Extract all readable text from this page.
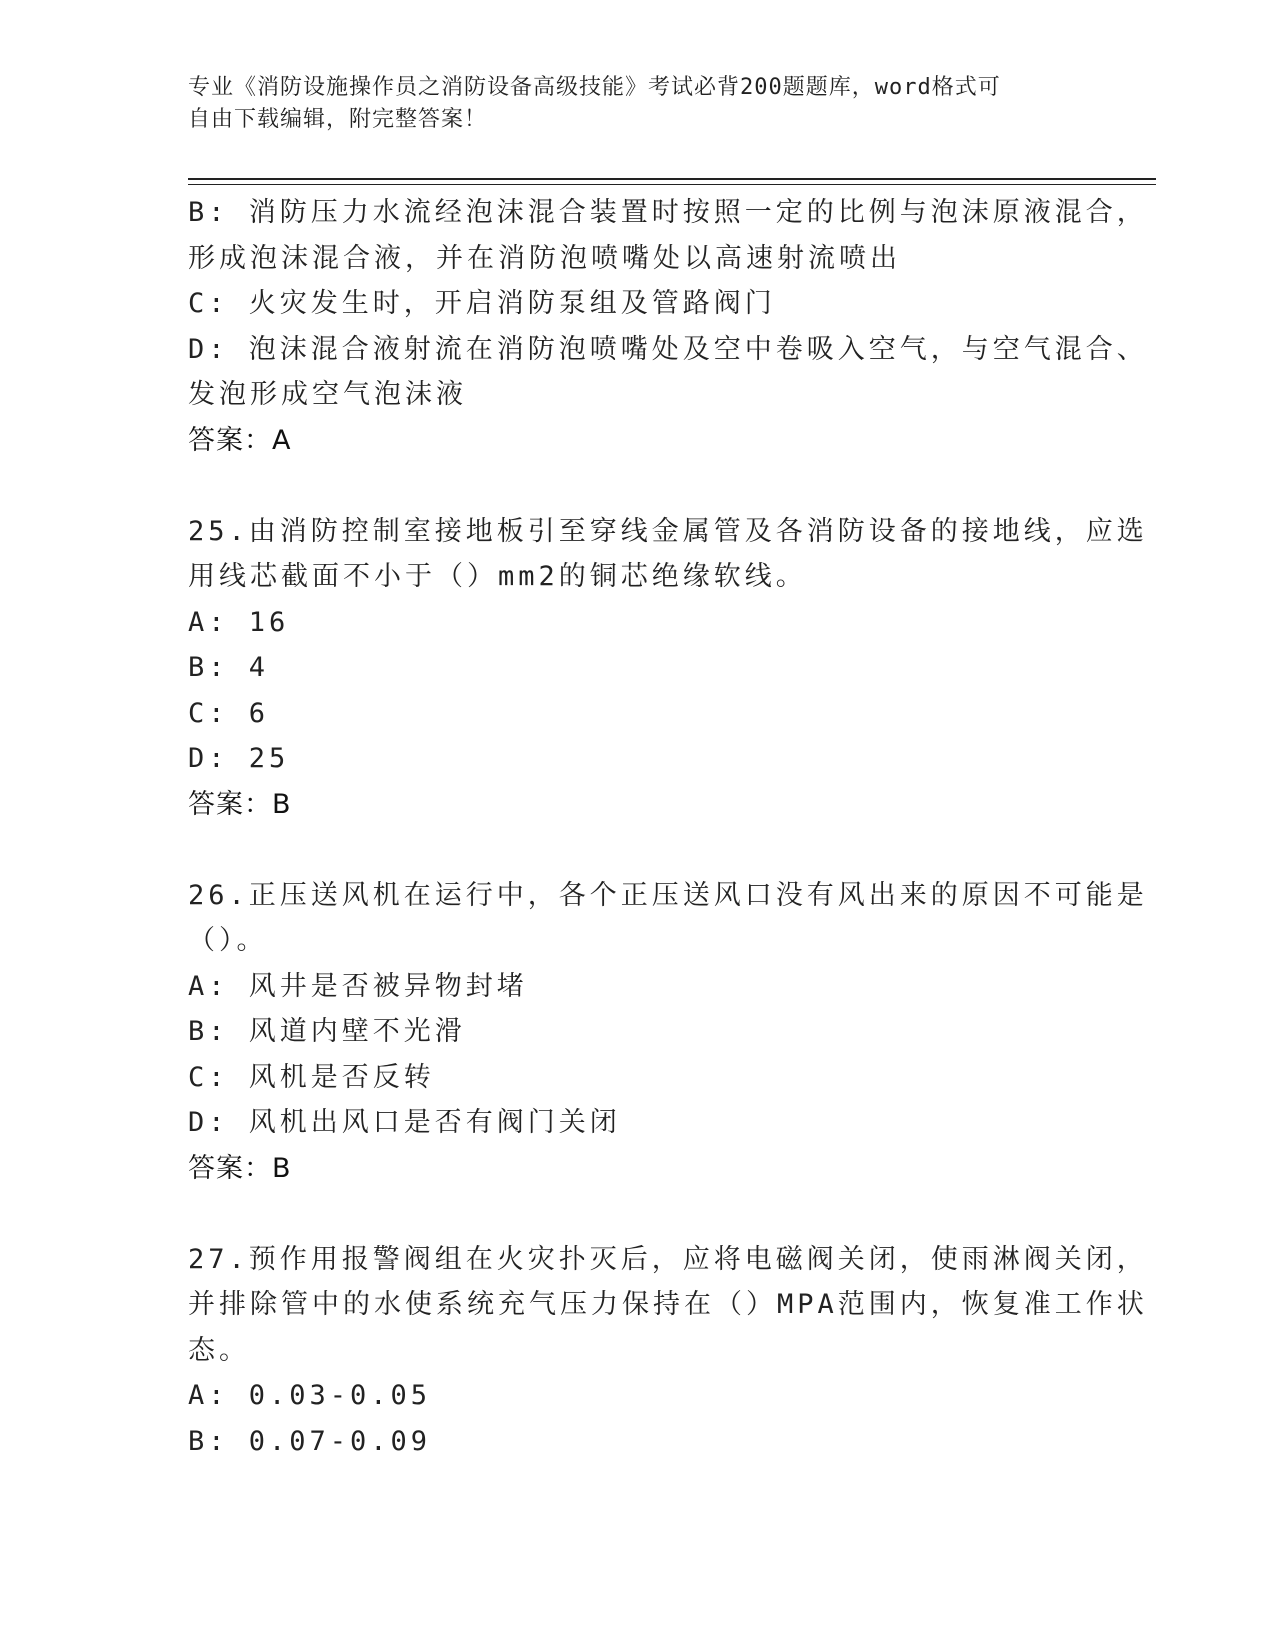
专业《消防设施操作员之消防设备高级技能》考试必背200题题库，word格式可
自由下载编辑，附完整答案！
B: 消防压力水流经泡沫混合装置时按照一定的比例与泡沫原液混合，
形成泡沫混合液，并在消防泡喷嘴处以高速射流喷出
C: 火灾发生时，开启消防泵组及管路阀门
D: 泡沫混合液射流在消防泡喷嘴处及空中卷吸入空气，与空气混合、
发泡形成空气泡沫液
答案：A
25.由消防控制室接地板引至穿线金属管及各消防设备的接地线，应选
用线芯截面不小于（）mm2的铜芯绝缘软线。
A: 16
B: 4
C: 6
D: 25
答案：B
26.正压送风机在运行中，各个正压送风口没有风出来的原因不可能是
（）。
A: 风井是否被异物封堵
B: 风道内壁不光滑
C: 风机是否反转
D: 风机出风口是否有阀门关闭
答案：B
27.预作用报警阀组在火灾扑灭后，应将电磁阀关闭，使雨淋阀关闭，
并排除管中的水使系统充气压力保持在（）MPA范围内，恢复准工作状
态。
A: 0.03-0.05
B: 0.07-0.09
